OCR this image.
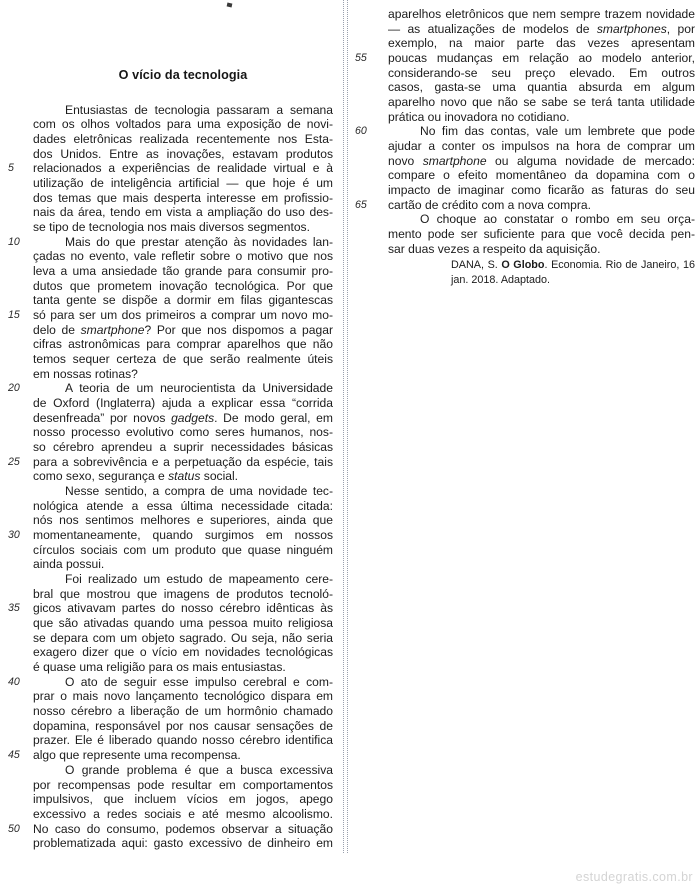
O vício da tecnologia
Entusiastas de tecnologia passaram a semana
com os olhos voltados para uma exposição de novi-
dades eletrônicas realizada recentemente nos Esta-
dos Unidos. Entre as inovações, estavam produtos
5 relacionados a experiências de realidade virtual e à
utilização de inteligência artificial — que hoje é um
dos temas que mais desperta interesse em profissio-
nais da área, tendo em vista a ampliação do uso des-
se tipo de tecnologia nos mais diversos segmentos.
10	Mais do que prestar atenção às novidades lan-
çadas no evento, vale refletir sobre o motivo que nos
leva a uma ansiedade tão grande para consumir pro-
dutos que prometem inovação tecnológica. Por que
tanta gente se dispõe a dormir em filas gigantescas
15 só para ser um dos primeiros a comprar um novo mo-
delo de smartphone? Por que nos dispomos a pagar
cifras astronômicas para comprar aparelhos que não
temos sequer certeza de que serão realmente úteis
em nossas rotinas?
20	A teoria de um neurocientista da Universidade
de Oxford (Inglaterra) ajuda a explicar essa “corrida
desenfreada” por novos gadgets. De modo geral, em
nosso processo evolutivo como seres humanos, nos-
so cérebro aprendeu a suprir necessidades básicas
25 para a sobrevivência e a perpetuação da espécie, tais
como sexo, segurança e status social.
Nesse sentido, a compra de uma novidade tec-
nológica atende a essa última necessidade citada:
nós nos sentimos melhores e superiores, ainda que
30 momentaneamente, quando surgimos em nossos
círculos sociais com um produto que quase ninguém
ainda possui.
Foi realizado um estudo de mapeamento cere-
bral que mostrou que imagens de produtos tecnoló-
35 gicos ativavam partes do nosso cérebro idênticas às
que são ativadas quando uma pessoa muito religiosa
se depara com um objeto sagrado. Ou seja, não seria
exagero dizer que o vício em novidades tecnológicas
é quase uma religião para os mais entusiastas.
40	O ato de seguir esse impulso cerebral e com-
prar o mais novo lançamento tecnológico dispara em
nosso cérebro a liberação de um hormônio chamado
dopamina, responsável por nos causar sensações de
prazer. Ele é liberado quando nosso cérebro identifica
45 algo que represente uma recompensa.
O grande problema é que a busca excessiva
por recompensas pode resultar em comportamentos
impulsivos, que incluem vícios em jogos, apego
excessivo a redes sociais e até mesmo alcoolismo.
50 No caso do consumo, podemos observar a situação
problematizada aqui: gasto excessivo de dinheiro em
aparelhos eletrônicos que nem sempre trazem novidade
— as atualizações de modelos de smartphones, por
exemplo, na maior parte das vezes apresentam
55 poucas mudanças em relação ao modelo anterior,
considerando-se seu preço elevado. Em outros
casos, gasta-se uma quantia absurda em algum
aparelho novo que não se sabe se terá tanta utilidade
prática ou inovadora no cotidiano.
60	No fim das contas, vale um lembrete que pode
ajudar a conter os impulsos na hora de comprar um
novo smartphone ou alguma novidade de mercado:
compare o efeito momentâneo da dopamina com o
impacto de imaginar como ficarão as faturas do seu
65 cartão de crédito com a nova compra.
O choque ao constatar o rombo em seu orça-
mento pode ser suficiente para que você decida pen-
sar duas vezes a respeito da aquisição.
DANA, S. O Globo. Economia. Rio de Janeiro, 16
jan. 2018. Adaptado.
estudegratis.com.br
